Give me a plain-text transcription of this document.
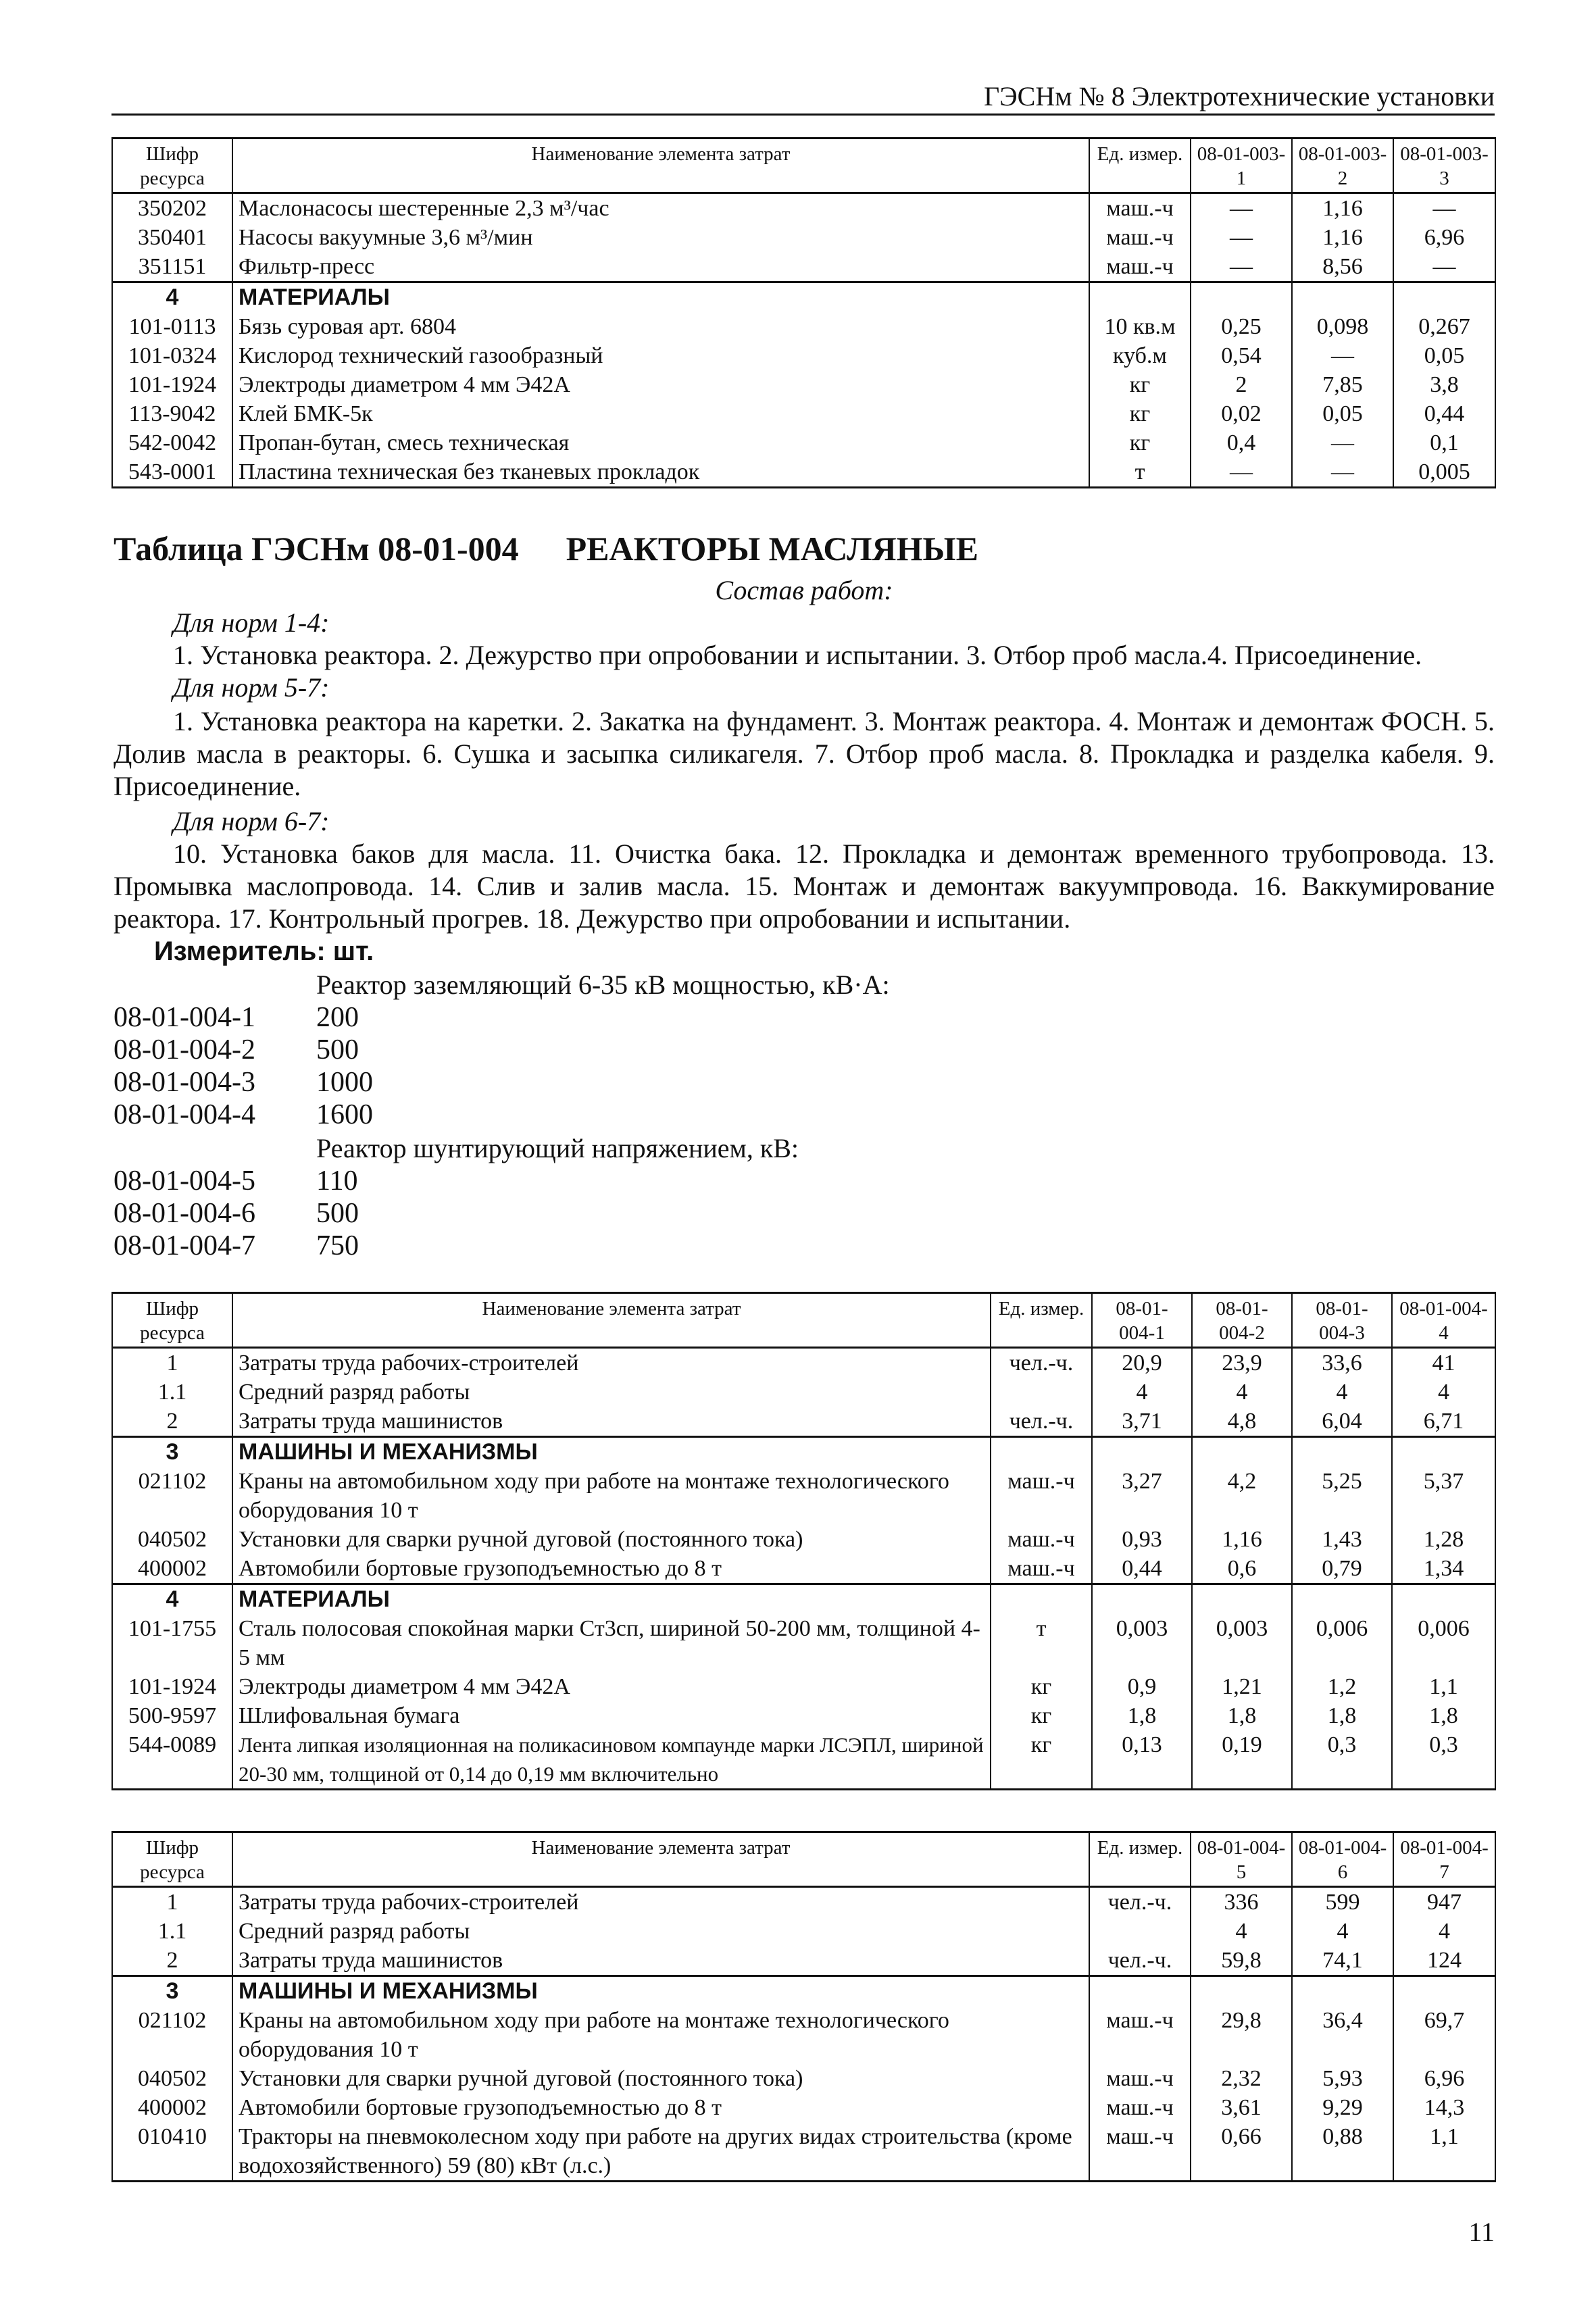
ГЭСНм № 8 Электротехнические установки
Шифр ресурса	Наименование элемента затрат	Ед. измер.	08-01-003-1	08-01-003-2	08-01-003-3
350202	Маслонасосы шестеренные 2,3 м³/час	маш.-ч	—	1,16	—
350401	Насосы вакуумные 3,6 м³/мин	маш.-ч	—	1,16	6,96
351151	Фильтр-пресс	маш.-ч	—	8,56	—
4	МАТЕРИАЛЫ				
101-0113	Бязь суровая арт. 6804	10 кв.м	0,25	0,098	0,267
101-0324	Кислород технический газообразный	куб.м	0,54	—	0,05
101-1924	Электроды диаметром 4 мм Э42А	кг	2	7,85	3,8
113-9042	Клей БМК-5к	кг	0,02	0,05	0,44
542-0042	Пропан-бутан, смесь техническая	кг	0,4	—	0,1
543-0001	Пластина техническая без тканевых прокладок	т	—	—	0,005
Таблица ГЭСНм 08-01-004 РЕАКТОРЫ МАСЛЯНЫЕ
Состав работ:
Для норм 1-4:
1. Установка реактора. 2. Дежурство при опробовании и испытании. 3. Отбор проб масла.4. Присоединение.
Для норм 5-7:
1. Установка реактора на каретки. 2. Закатка на фундамент. 3. Монтаж реактора. 4. Монтаж и демонтаж ФОСН. 5. Долив масла в реакторы. 6. Сушка и засыпка силикагеля. 7. Отбор проб масла. 8. Прокладка и разделка кабеля. 9. Присоединение.
Для норм 6-7:
10. Установка баков для масла. 11. Очистка бака. 12. Прокладка и демонтаж временного трубопровода. 13. Промывка маслопровода. 14. Слив и залив масла. 15. Монтаж и демонтаж вакуумпровода. 16. Ваккумирование реактора. 17. Контрольный прогрев. 18. Дежурство при опробовании и испытании.
Измеритель: шт.
Реактор заземляющий 6-35 кВ мощностью, кВ·А:
08-01-004-1 200
08-01-004-2 500
08-01-004-3 1000
08-01-004-4 1600
Реактор шунтирующий напряжением, кВ:
08-01-004-5 110
08-01-004-6 500
08-01-004-7 750
Шифр ресурса	Наименование элемента затрат	Ед. измер.	08-01-004-1	08-01-004-2	08-01-004-3	08-01-004-4
1	Затраты труда рабочих-строителей	чел.-ч.	20,9	23,9	33,6	41
1.1	Средний разряд работы		4	4	4	4
2	Затраты труда машинистов	чел.-ч.	3,71	4,8	6,04	6,71
3	МАШИНЫ И МЕХАНИЗМЫ					
021102	Краны на автомобильном ходу при работе на монтаже технологического оборудования 10 т	маш.-ч	3,27	4,2	5,25	5,37
040502	Установки для сварки ручной дуговой (постоянного тока)	маш.-ч	0,93	1,16	1,43	1,28
400002	Автомобили бортовые грузоподъемностью до 8 т	маш.-ч	0,44	0,6	0,79	1,34
4	МАТЕРИАЛЫ					
101-1755	Сталь полосовая спокойная марки Ст3сп, шириной 50-200 мм, толщиной 4-5 мм	т	0,003	0,003	0,006	0,006
101-1924	Электроды диаметром 4 мм Э42А	кг	0,9	1,21	1,2	1,1
500-9597	Шлифовальная бумага	кг	1,8	1,8	1,8	1,8
544-0089	Лента липкая изоляционная на поликасиновом компаунде марки ЛСЭПЛ, шириной 20-30 мм, толщиной от 0,14 до 0,19 мм включительно	кг	0,13	0,19	0,3	0,3
Шифр ресурса	Наименование элемента затрат	Ед. измер.	08-01-004-5	08-01-004-6	08-01-004-7
1	Затраты труда рабочих-строителей	чел.-ч.	336	599	947
1.1	Средний разряд работы		4	4	4
2	Затраты труда машинистов	чел.-ч.	59,8	74,1	124
3	МАШИНЫ И МЕХАНИЗМЫ				
021102	Краны на автомобильном ходу при работе на монтаже технологического оборудования 10 т	маш.-ч	29,8	36,4	69,7
040502	Установки для сварки ручной дуговой (постоянного тока)	маш.-ч	2,32	5,93	6,96
400002	Автомобили бортовые грузоподъемностью до 8 т	маш.-ч	3,61	9,29	14,3
010410	Тракторы на пневмоколесном ходу при работе на других видах строительства (кроме водохозяйственного) 59 (80) кВт (л.с.)	маш.-ч	0,66	0,88	1,1
11
